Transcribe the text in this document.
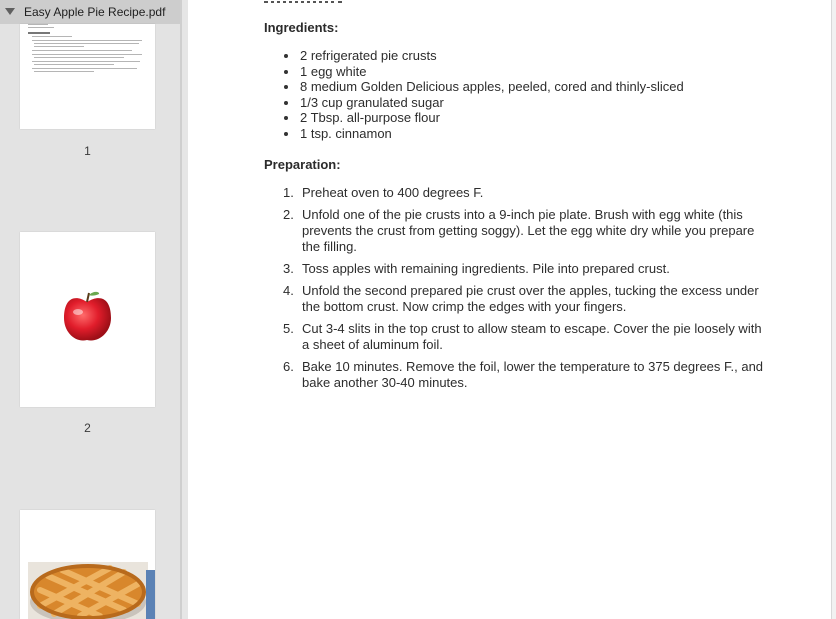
Easy Apple Pie Recipe.pdf
1
2
Ingredients:
2 refrigerated pie crusts
1 egg white
8 medium Golden Delicious apples, peeled, cored and thinly-sliced
1/3 cup granulated sugar
2 Tbsp. all-purpose flour
1 tsp. cinnamon
Preparation:
1. Preheat oven to 400 degrees F.
2. Unfold one of the pie crusts into a 9-inch pie plate. Brush with egg white (this prevents the crust from getting soggy). Let the egg white dry while you prepare the filling.
3. Toss apples with remaining ingredients. Pile into prepared crust.
4. Unfold the second prepared pie crust over the apples, tucking the excess under the bottom crust. Now crimp the edges with your fingers.
5. Cut 3-4 slits in the top crust to allow steam to escape. Cover the pie loosely with a sheet of aluminum foil.
6. Bake 10 minutes. Remove the foil, lower the temperature to 375 degrees F., and bake another 30-40 minutes.
